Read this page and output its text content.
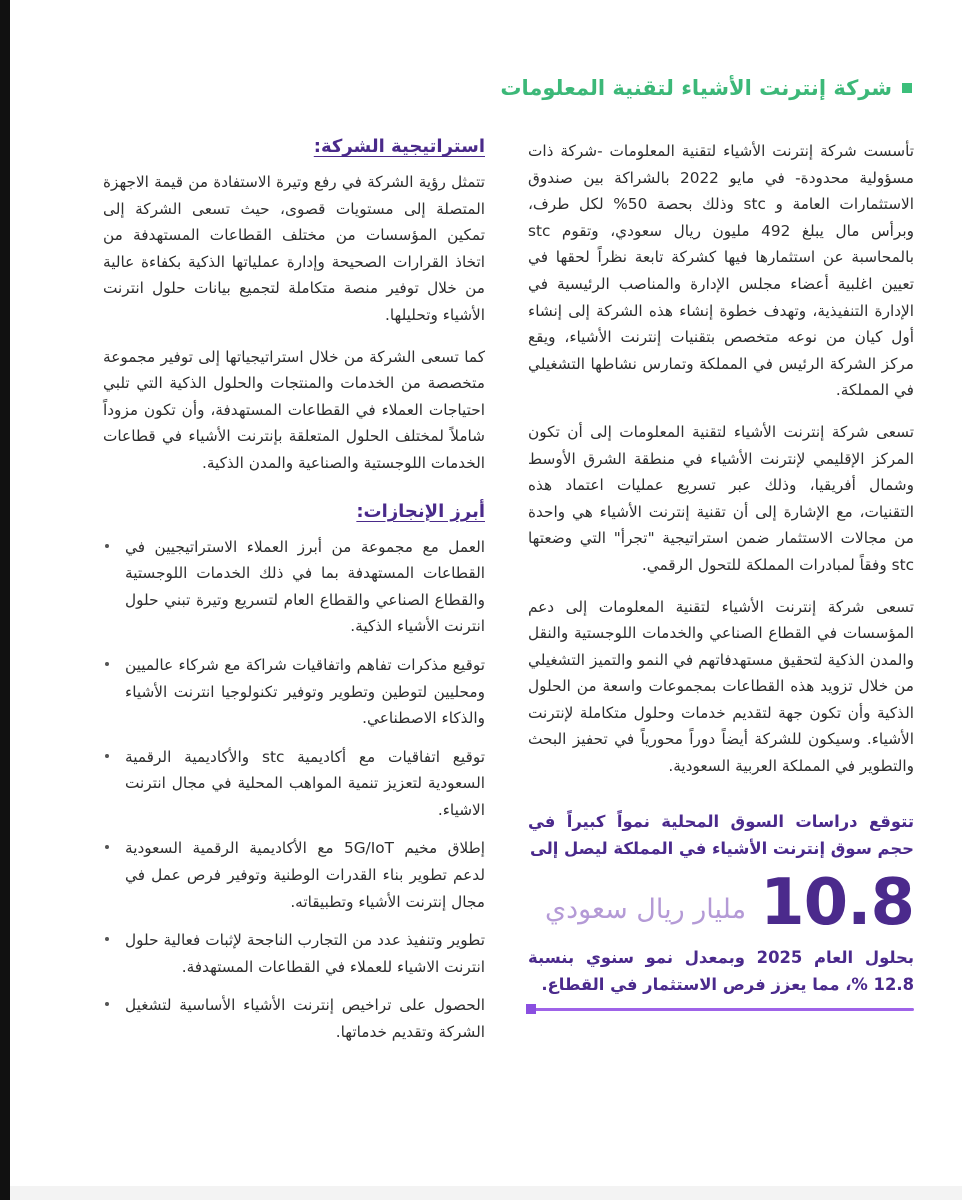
شركة إنترنت الأشياء لتقنية المعلومات

تأسست شركة إنترنت الأشياء لتقنية المعلومات -شركة ذات مسؤولية محدودة- في مايو 2022 بالشراكة بين صندوق الاستثمارات العامة و stc وذلك بحصة 50% لكل طرف، وبرأس مال يبلغ 492 مليون ريال سعودي، وتقوم stc بالمحاسبة عن استثمارها فيها كشركة تابعة نظراً لحقها في تعيين اغلبية أعضاء مجلس الإدارة والمناصب الرئيسية في الإدارة التنفيذية، وتهدف خطوة إنشاء هذه الشركة إلى إنشاء أول كيان من نوعه متخصص بتقنيات إنترنت الأشياء، ويقع مركز الشركة الرئيس في المملكة وتمارس نشاطها التشغيلي في المملكة.

تسعى شركة إنترنت الأشياء لتقنية المعلومات إلى أن تكون المركز الإقليمي لإنترنت الأشياء في منطقة الشرق الأوسط وشمال أفريقيا، وذلك عبر تسريع عمليات اعتماد هذه التقنيات، مع الإشارة إلى أن تقنية إنترنت الأشياء هي واحدة من مجالات الاستثمار ضمن استراتيجية "تجرأ" التي وضعتها stc وفقاً لمبادرات المملكة للتحول الرقمي.

تسعى شركة إنترنت الأشياء لتقنية المعلومات إلى دعم المؤسسات في القطاع الصناعي والخدمات اللوجستية والنقل والمدن الذكية لتحقيق مستهدفاتهم في النمو والتميز التشغيلي من خلال تزويد هذه القطاعات بمجموعات واسعة من الحلول الذكية وأن تكون جهة لتقديم خدمات وحلول متكاملة لإنترنت الأشياء. وسيكون للشركة أيضاً دوراً محورياً في تحفيز البحث والتطوير في المملكة العربية السعودية.

تتوقع دراسات السوق المحلية نمواً كبيراً في حجم سوق إنترنت الأشياء في المملكة ليصل إلى

10.8
مليار ريال سعودي

بحلول العام 2025 وبمعدل نمو سنوي بنسبة 12.8 %، مما يعزز فرص الاستثمار في القطاع.

استراتيجية الشركة:

تتمثل رؤية الشركة في رفع وتيرة الاستفادة من قيمة الاجهزة المتصلة إلى مستويات قصوى، حيث تسعى الشركة إلى تمكين المؤسسات من مختلف القطاعات المستهدفة من اتخاذ القرارات الصحيحة وإدارة عملياتها الذكية بكفاءة عالية من خلال توفير منصة متكاملة لتجميع بيانات حلول انترنت الأشياء وتحليلها.

كما تسعى الشركة من خلال استراتيجياتها إلى توفير مجموعة متخصصة من الخدمات والمنتجات والحلول الذكية التي تلبي احتياجات العملاء في القطاعات المستهدفة، وأن تكون مزوداً شاملاً لمختلف الحلول المتعلقة بإنترنت الأشياء في قطاعات الخدمات اللوجستية والصناعية والمدن الذكية.

أبرز الإنجازات:

العمل مع مجموعة من أبرز العملاء الاستراتيجيين في القطاعات المستهدفة بما في ذلك الخدمات اللوجستية والقطاع الصناعي والقطاع العام لتسريع وتيرة تبني حلول انترنت الأشياء الذكية.

توقيع مذكرات تفاهم واتفاقيات شراكة مع شركاء عالميين ومحليين لتوطين وتطوير وتوفير تكنولوجيا انترنت الأشياء والذكاء الاصطناعي.

توقيع اتفاقيات مع أكاديمية stc والأكاديمية الرقمية السعودية لتعزيز تنمية المواهب المحلية في مجال انترنت الاشياء.

إطلاق مخيم 5G/IoT مع الأكاديمية الرقمية السعودية لدعم تطوير بناء القدرات الوطنية وتوفير فرص عمل في مجال إنترنت الأشياء وتطبيقاته.

تطوير وتنفيذ عدد من التجارب الناجحة لإثبات فعالية حلول انترنت الاشياء للعملاء في القطاعات المستهدفة.

الحصول على تراخيص إنترنت الأشياء الأساسية لتشغيل الشركة وتقديم خدماتها.
